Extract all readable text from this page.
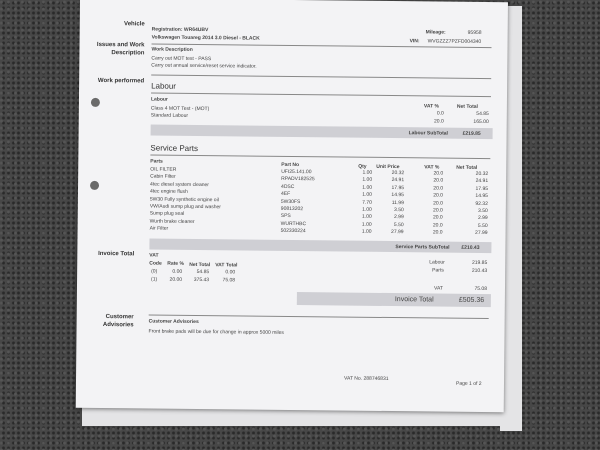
Vehicle
Issues and Work
Description
Work performed
Invoice Total
Customer
Advisories
Registration: WR64UBV
Volkswagen Touareg 2014 3.0 Diesel - BLACK
Mileage:	95958
VIN: WVGZZZ7PZFD004340
Work Description
Carry out MOT test - PASS
Carry out annual service/reset service indicator.
Labour
Labour
VAT %	Net Total
Class 4 MOT Test - (MOT)
0.0	54.85
Standard Labour
20.0	165.00
Labour SubTotal	£219.85
Service Parts
Parts
Part No	Qty Unit Price	VAT %	Net Total
OIL FILTER	UFI25.141.00	1.00	20.32	20.0	20.32
Cabin Filter	RPADV182525	1.00	24.91	20.0	24.91
4tec diesel system cleaner	4DSC	1.00	17.95	20.0	17.95
4tec engine flush	4EF	1.00	14.95	20.0	14.95
5W30 Fully synthetic engine oil	5W30FS	7.70	11.99	20.0	92.32
VW/Audi sump plug and washer	90813202	1.00	3.50	20.0	3.50
Sump plug seal	SPS	1.00	2.99	20.0	2.99
Wurth brake cleaner	WURTHBC	1.00	5.50	20.0	5.50
Air Filter	502330224	1.00	27.99	20.0	27.99
Service Parts SubTotal £210.43
VAT
Code Rate % Net Total VAT Total
(0)	0.00	54.85	0.00
(1)	20.00	375.43	75.08
Labour	219.85
Parts	210.43
VAT	75.08
Invoice Total	£505.36
Customer Advisories
Front brake pads will be due for change in approx 5000 miles
VAT No. 288746831
Page 1 of 2
